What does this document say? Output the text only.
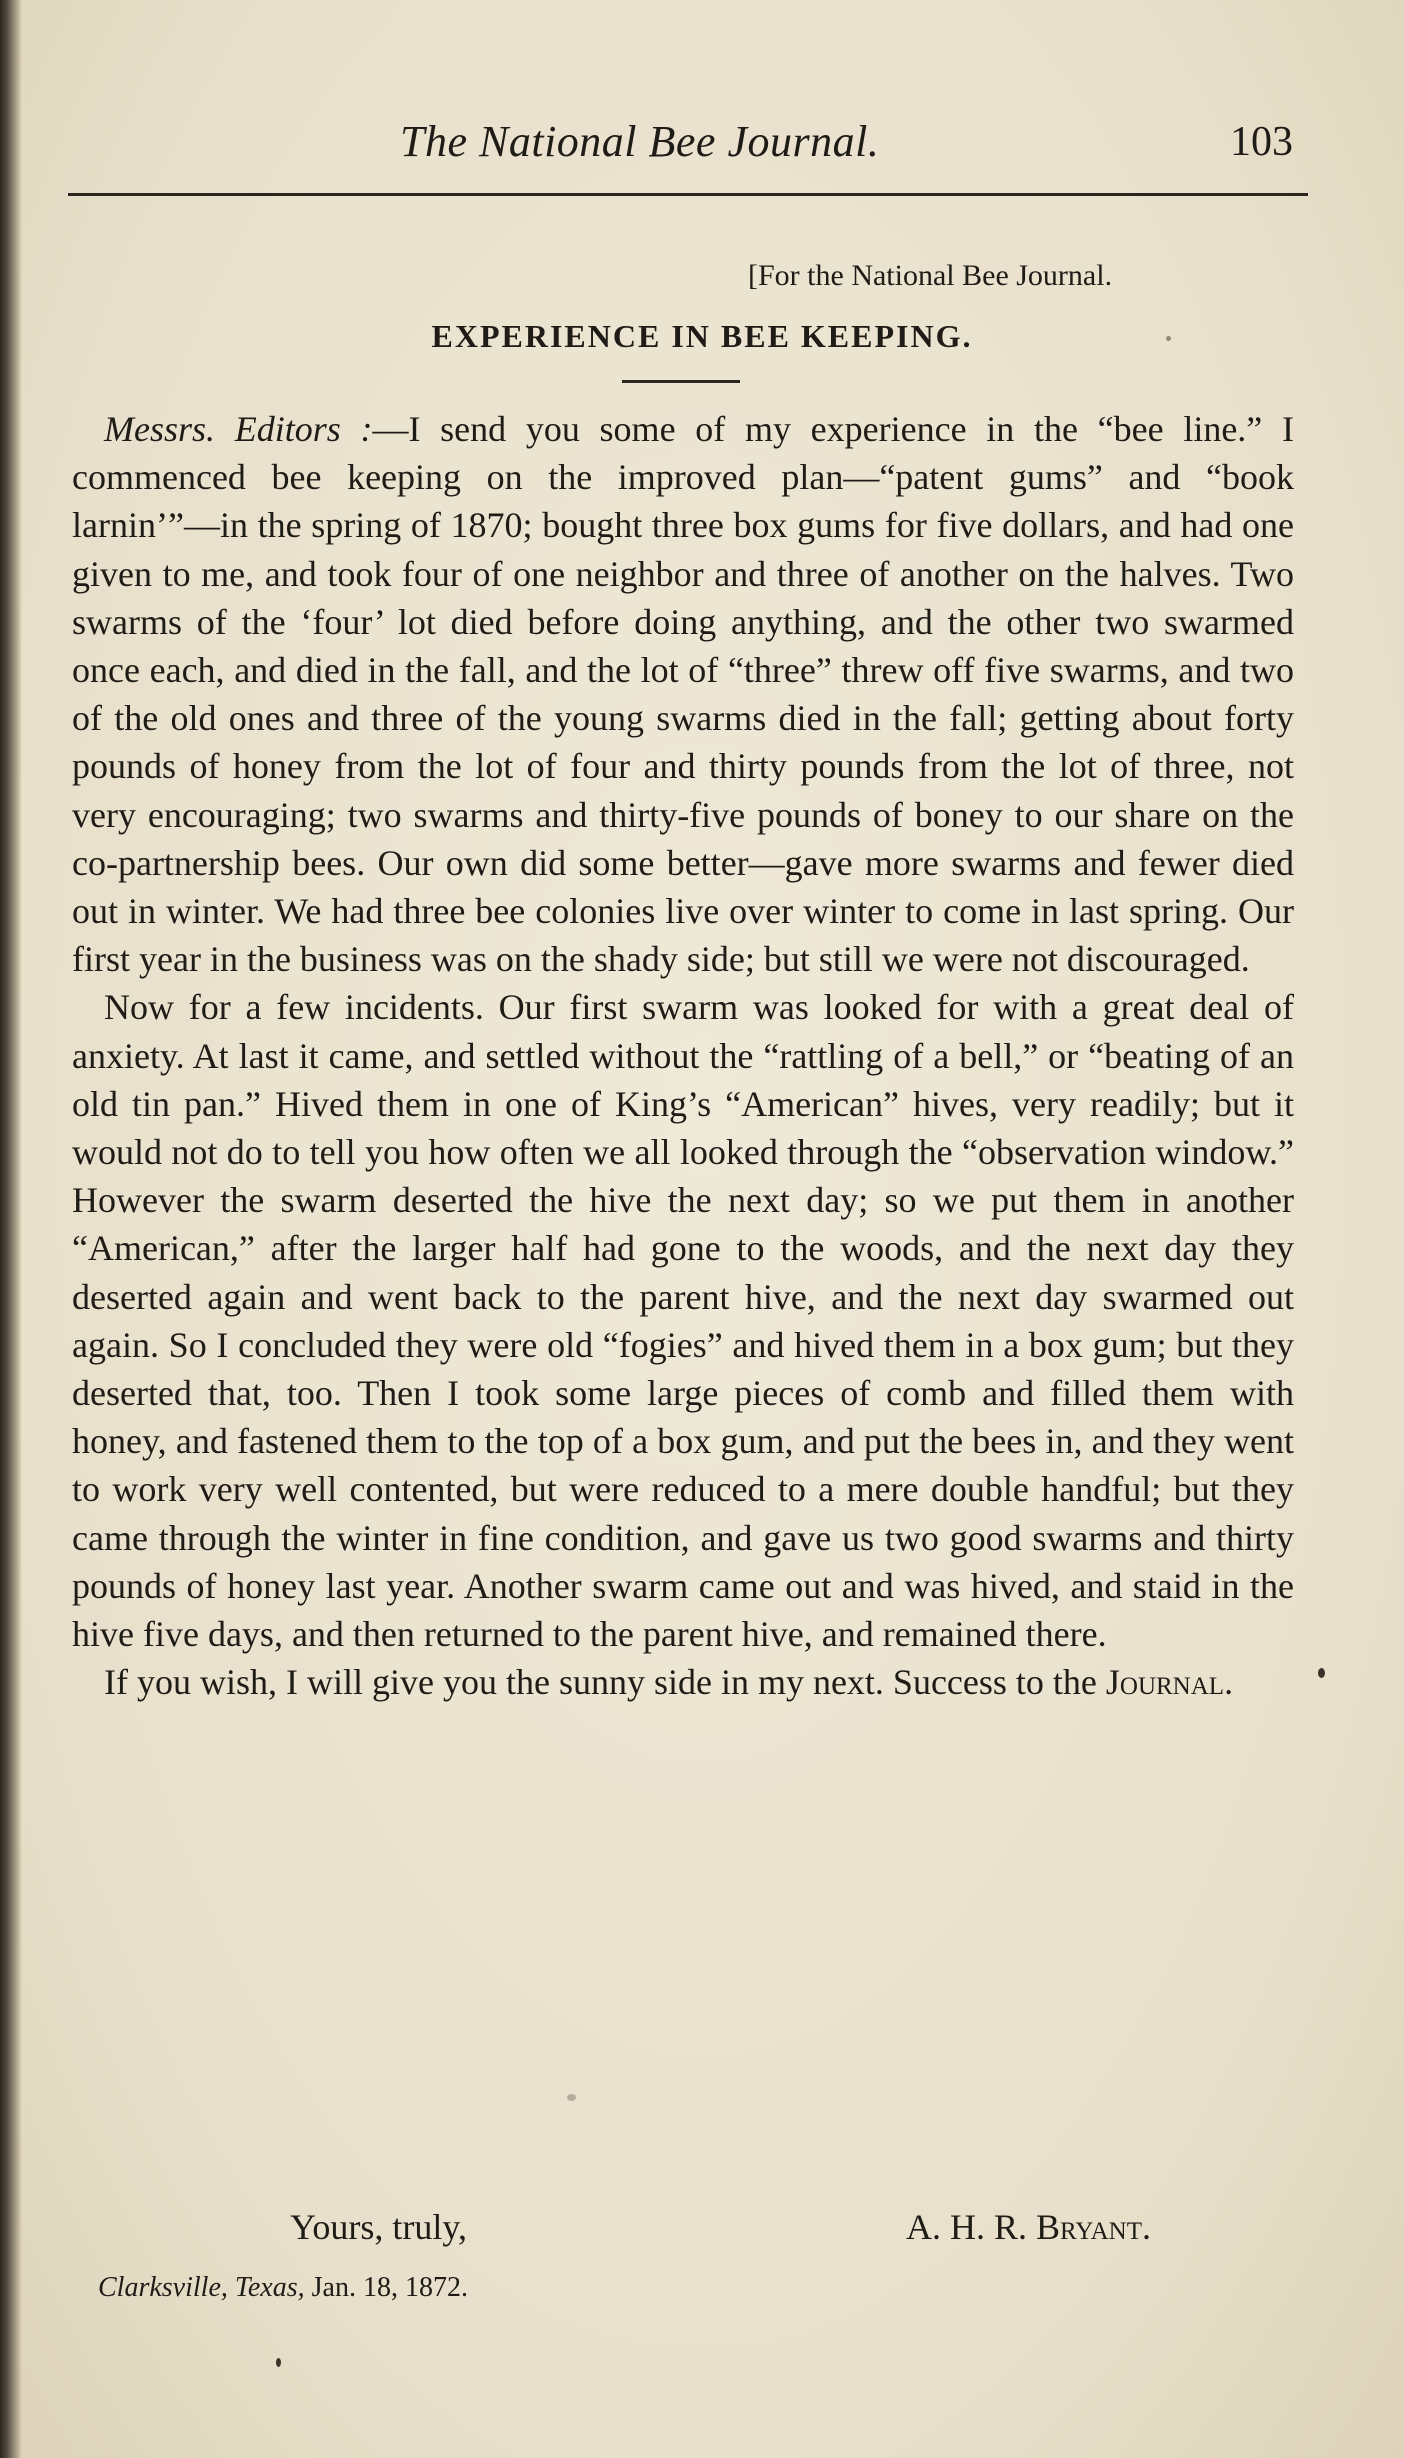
The National Bee Journal.	103
[For the National Bee Journal.
EXPERIENCE IN BEE KEEPING.

Messrs. Editors :—I send you some of my experience in the “bee line.” I commenced bee keeping on the improved plan—“patent gums” and “book larnin’”—in the spring of 1870; bought three box gums for five dollars, and had one given to me, and took four of one neighbor and three of another on the halves. Two swarms of the ‘four’ lot died before doing anything, and the other two swarmed once each, and died in the fall, and the lot of “three” threw off five swarms, and two of the old ones and three of the young swarms died in the fall; getting about forty pounds of honey from the lot of four and thirty pounds from the lot of three, not very encouraging; two swarms and thirty-five pounds of boney to our share on the co-partnership bees. Our own did some better—gave more swarms and fewer died out in winter. We had three bee colonies live over winter to come in last spring. Our first year in the business was on the shady side; but still we were not discouraged.

Now for a few incidents. Our first swarm was looked for with a great deal of anxiety. At last it came, and settled without the “rattling of a bell,” or “beating of an old tin pan.” Hived them in one of King’s “American” hives, very readily; but it would not do to tell you how often we all looked through the “observation window.” However the swarm deserted the hive the next day; so we put them in another “American,” after the larger half had gone to the woods, and the next day they deserted again and went back to the parent hive, and the next day swarmed out again. So I concluded they were old “fogies” and hived them in a box gum; but they deserted that, too. Then I took some large pieces of comb and filled them with honey, and fastened them to the top of a box gum, and put the bees in, and they went to work very well contented, but were reduced to a mere double handful; but they came through the winter in fine condition, and gave us two good swarms and thirty pounds of honey last year. Another swarm came out and was hived, and staid in the hive five days, and then returned to the parent hive, and remained there.

If you wish, I will give you the sunny side in my next. Success to the Journal.

Yours, truly,	A. H. R. Bryant.
Clarksville, Texas, Jan. 18, 1872.
